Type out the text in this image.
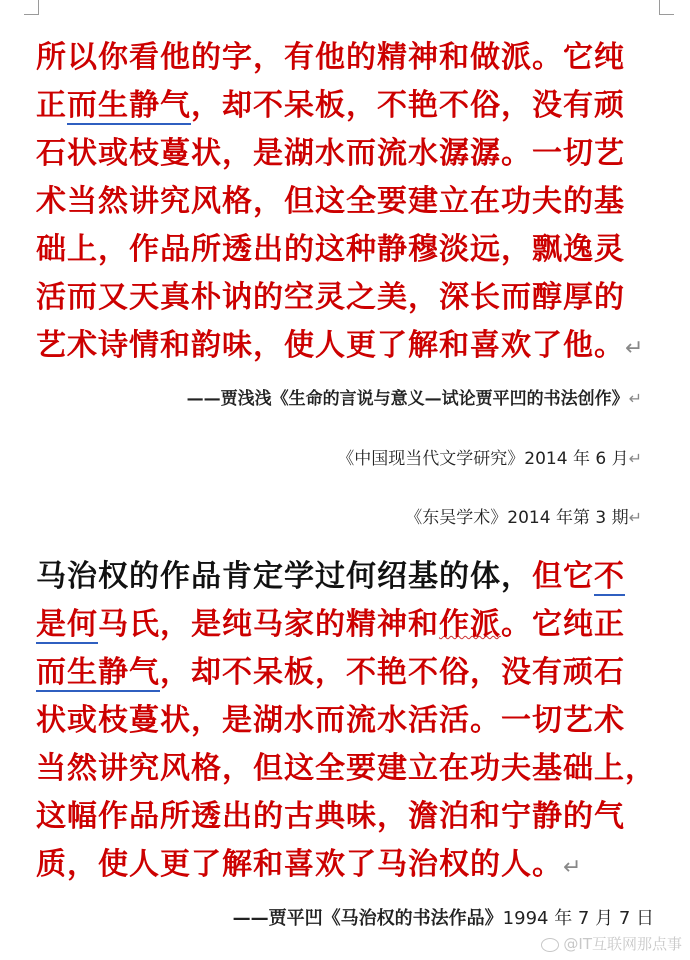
所以你看他的字，有他的精神和做派。它纯
正而生静气，却不呆板，不艳不俗，没有顽
石状或枝蔓状，是湖水而流水潺潺。一切艺
术当然讲究风格，但这全要建立在功夫的基
础上，作品所透出的这种静穆淡远，飘逸灵
活而又天真朴讷的空灵之美，深长而醇厚的
艺术诗情和韵味，使人更了解和喜欢了他。↵
——贾浅浅《生命的言说与意义—试论贾平凹的书法创作》↵
《中国现当代文学研究》2014 年 6 月↵
《东吴学术》2014 年第 3 期↵
马治权的作品肯定学过何绍基的体，但它不
是何马氏，是纯马家的精神和作派。它纯正
而生静气，却不呆板，不艳不俗，没有顽石
状或枝蔓状，是湖水而流水活活。一切艺术
当然讲究风格，但这全要建立在功夫基础上，
这幅作品所透出的古典味，澹泊和宁静的气
质，使人更了解和喜欢了马治权的人。↵
——贾平凹《马治权的书法作品》1994 年 7 月 7 日
@IT互联网那点事
